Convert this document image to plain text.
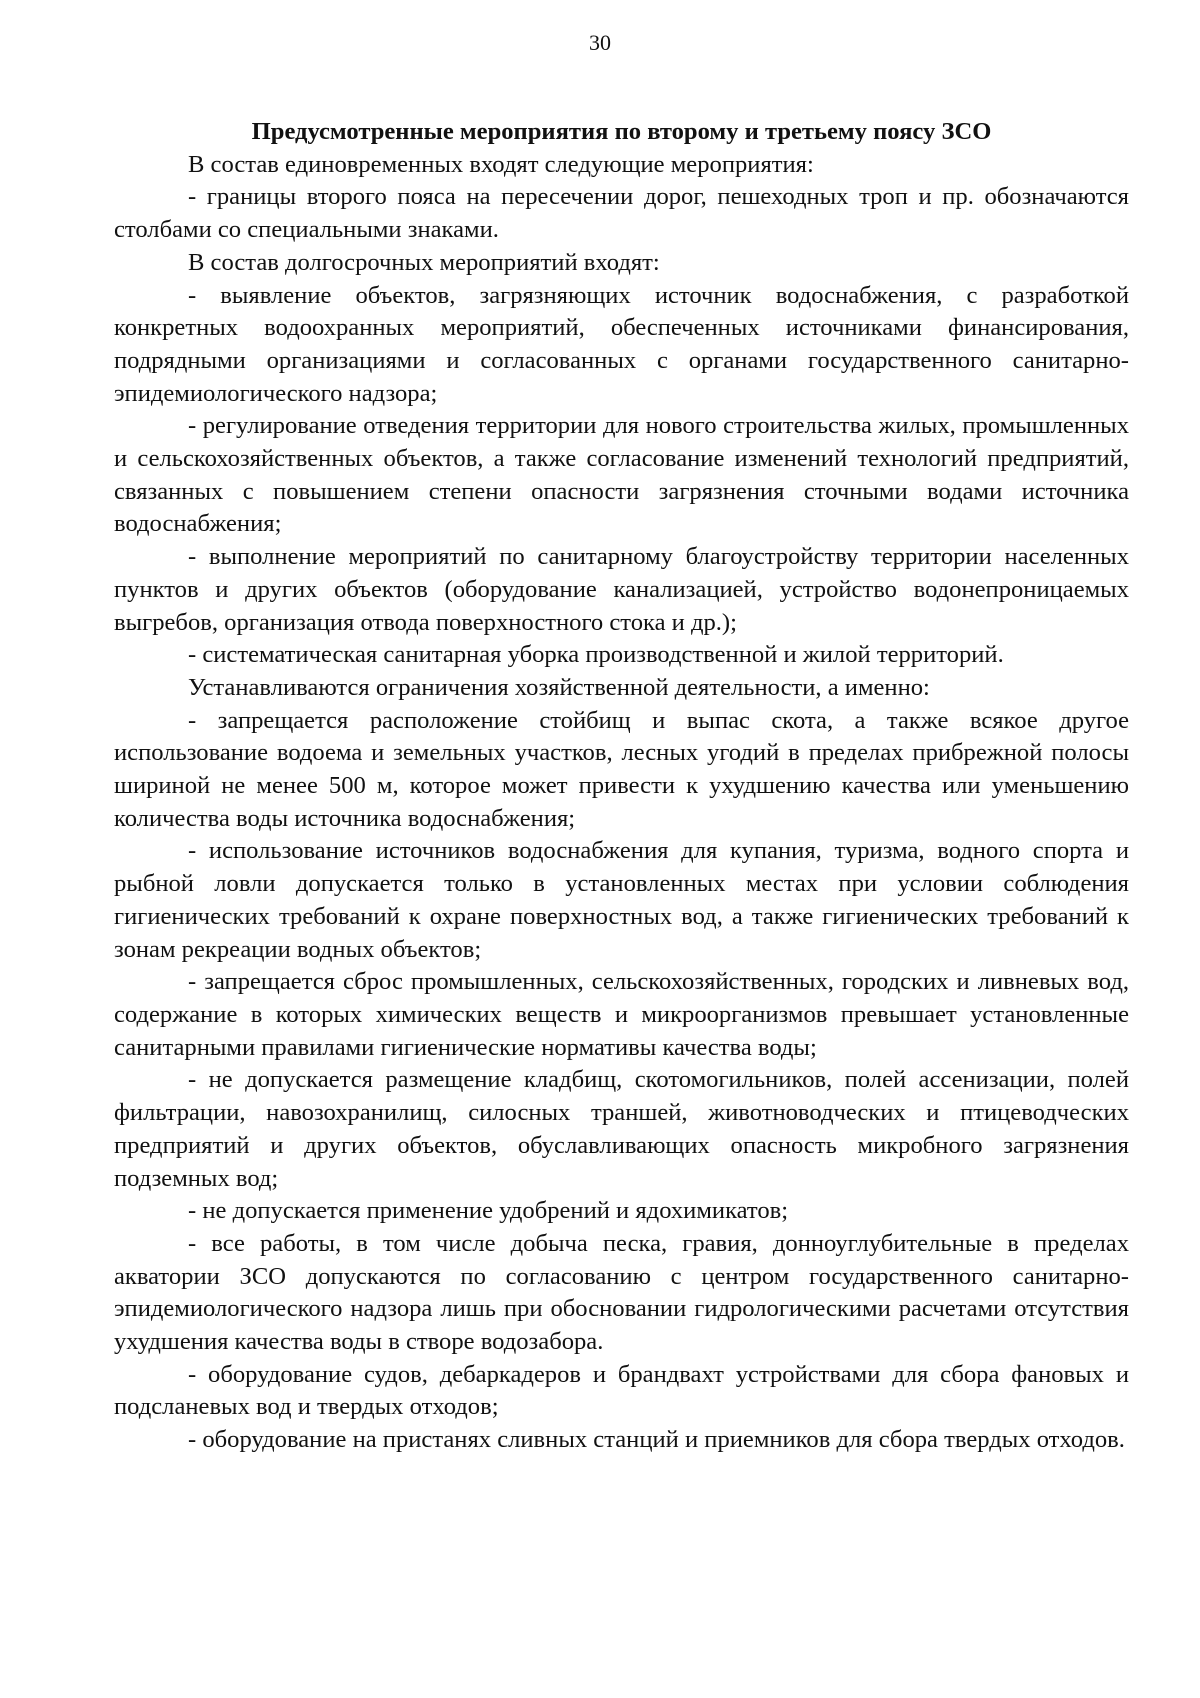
30

Предусмотренные мероприятия по второму и третьему поясу ЗСО

В состав единовременных входят следующие мероприятия:

- границы второго пояса на пересечении дорог, пешеходных троп и пр. обозначаются столбами со специальными знаками.

В состав долгосрочных мероприятий входят:

- выявление объектов, загрязняющих источник водоснабжения, с разработкой конкретных водоохранных мероприятий, обеспеченных источниками финансирования, подрядными организациями и согласованных с органами государственного санитарно-эпидемиологического надзора;

- регулирование отведения территории для нового строительства жилых, промышленных и сельскохозяйственных объектов, а также согласование изменений технологий предприятий, связанных с повышением степени опасности загрязнения сточными водами источника водоснабжения;

- выполнение мероприятий по санитарному благоустройству территории населенных пунктов и других объектов (оборудование канализацией, устройство водонепроницаемых выгребов, организация отвода поверхностного стока и др.);

- систематическая санитарная уборка производственной и жилой территорий.

Устанавливаются ограничения хозяйственной деятельности, а именно:

- запрещается расположение стойбищ и выпас скота, а также всякое другое использование водоема и земельных участков, лесных угодий в пределах прибрежной полосы шириной не менее 500 м, которое может привести к ухудшению качества или уменьшению количества воды источника водоснабжения;

- использование источников водоснабжения для купания, туризма, водного спорта и рыбной ловли допускается только в установленных местах при условии соблюдения гигиенических требований к охране поверхностных вод, а также гигиенических требований к зонам рекреации водных объектов;

- запрещается сброс промышленных, сельскохозяйственных, городских и ливневых вод, содержание в которых химических веществ и микроорганизмов превышает установленные санитарными правилами гигиенические нормативы качества воды;

- не допускается размещение кладбищ, скотомогильников, полей ассенизации, полей фильтрации, навозохранилищ, силосных траншей, животноводческих и птицеводческих предприятий и других объектов, обуславливающих опасность микробного загрязнения подземных вод;

- не допускается применение удобрений и ядохимикатов;

- все работы, в том числе добыча песка, гравия, донноуглубительные в пределах акватории ЗСО допускаются по согласованию с центром государственного санитарно-эпидемиологического надзора лишь при обосновании гидрологическими расчетами отсутствия ухудшения качества воды в створе водозабора.

- оборудование судов, дебаркадеров и брандвахт устройствами для сбора фановых и подсланевых вод и твердых отходов;

- оборудование на пристанях сливных станций и приемников для сбора твердых отходов.
